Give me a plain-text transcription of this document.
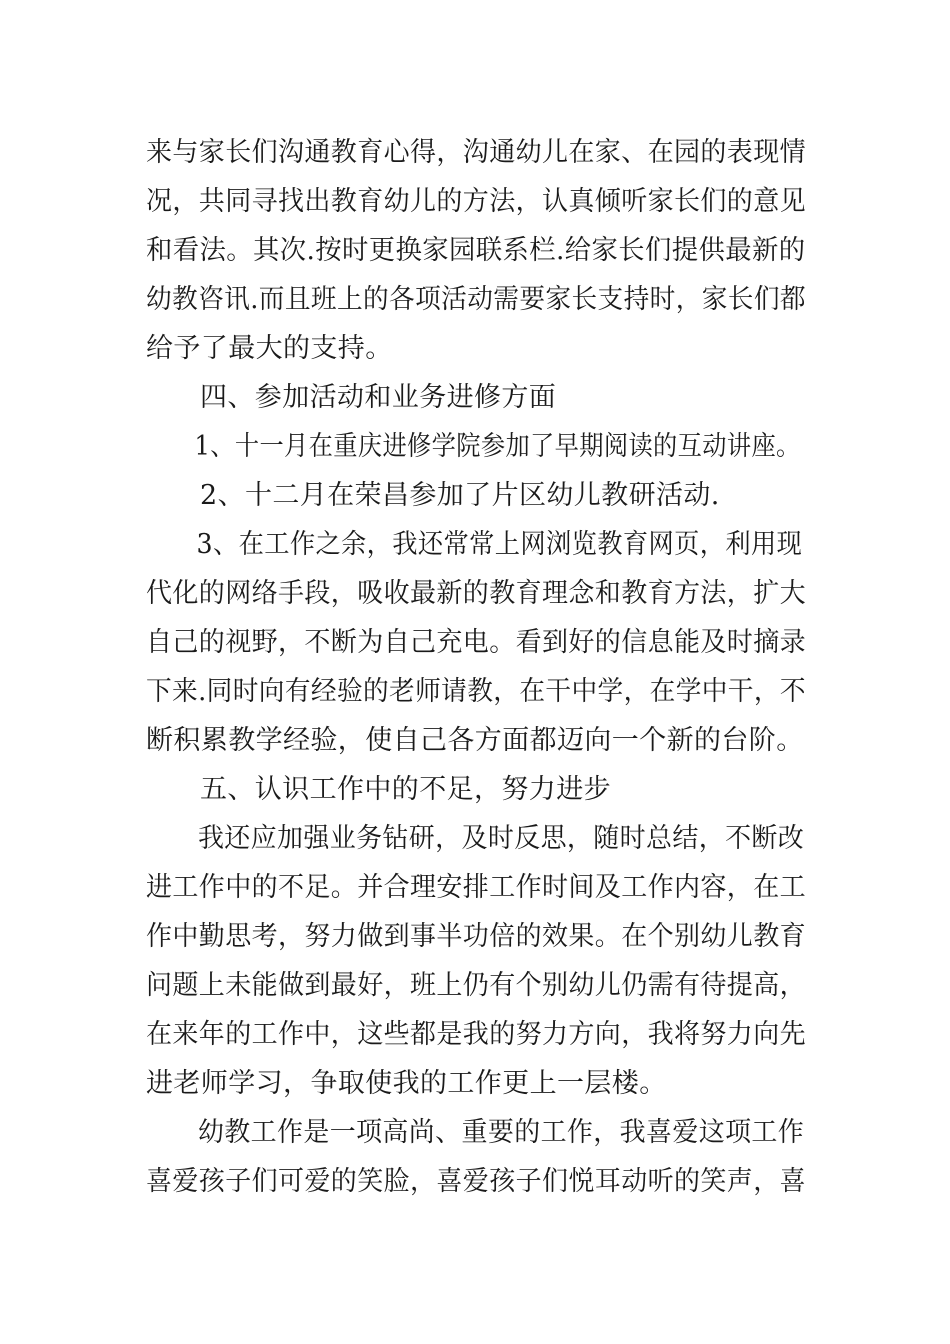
来与家长们沟通教育心得，沟通幼儿在家、在园的表现情
况，共同寻找出教育幼儿的方法，认真倾听家长们的意见
和看法。其次.按时更换家园联系栏.给家长们提供最新的
幼教咨讯.而且班上的各项活动需要家长支持时，家长们都
给予了最大的支持。
四、参加活动和业务进修方面
1、十一月在重庆进修学院参加了早期阅读的互动讲座。
2、十二月在荣昌参加了片区幼儿教研活动.
3、在工作之余，我还常常上网浏览教育网页，利用现
代化的网络手段，吸收最新的教育理念和教育方法，扩大
自己的视野，不断为自己充电。看到好的信息能及时摘录
下来.同时向有经验的老师请教，在干中学，在学中干，不
断积累教学经验，使自己各方面都迈向一个新的台阶。
五、认识工作中的不足，努力进步
我还应加强业务钻研，及时反思，随时总结，不断改
进工作中的不足。并合理安排工作时间及工作内容，在工
作中勤思考，努力做到事半功倍的效果。在个别幼儿教育
问题上未能做到最好，班上仍有个别幼儿仍需有待提高，
在来年的工作中，这些都是我的努力方向，我将努力向先
进老师学习，争取使我的工作更上一层楼。
幼教工作是一项高尚、重要的工作，我喜爱这项工作
喜爱孩子们可爱的笑脸，喜爱孩子们悦耳动听的笑声，喜
